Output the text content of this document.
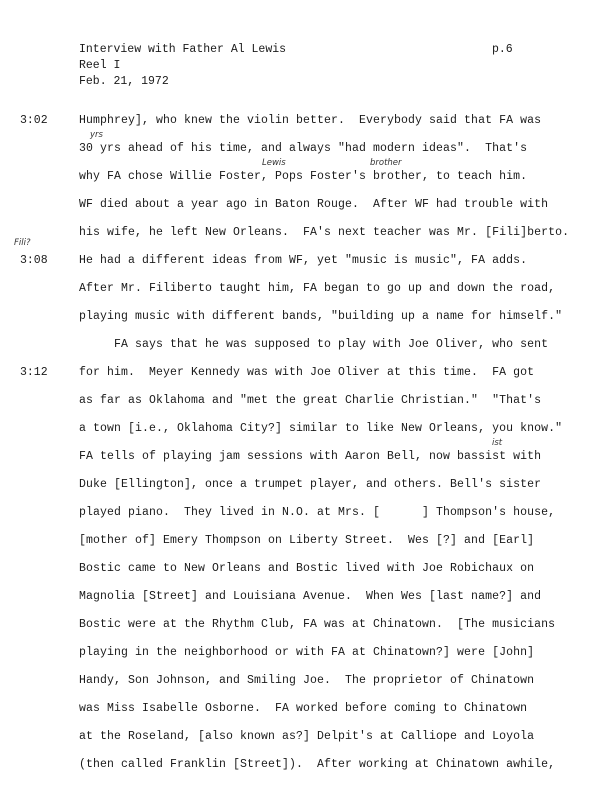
Interview with Father Al Lewis	p.6
Reel I
Feb. 21, 1972
3:02
3:08
3:12
Humphrey], who knew the violin better.  Everybody said that FA was
30 yrs ahead of his time, and always "had modern ideas".  That's
why FA chose Willie Foster, Pops Foster's brother, to teach him.
WF died about a year ago in Baton Rouge.  After WF had trouble with
his wife, he left New Orleans.  FA's next teacher was Mr. [Fili]berto.
He had a different ideas from WF, yet "music is music", FA adds.
After Mr. Filiberto taught him, FA began to go up and down the road,
playing music with different bands, "building up a name for himself."
FA says that he was supposed to play with Joe Oliver, who sent
for him.  Meyer Kennedy was with Joe Oliver at this time.  FA got
as far as Oklahoma and "met the great Charlie Christian."  "That's
a town [i.e., Oklahoma City?] similar to like New Orleans, you know."
FA tells of playing jam sessions with Aaron Bell, now bassist with
Duke [Ellington], once a trumpet player, and others. Bell's sister
played piano.  They lived in N.O. at Mrs. [      ] Thompson's house,
[mother of] Emery Thompson on Liberty Street.  Wes [?] and [Earl]
Bostic came to New Orleans and Bostic lived with Joe Robichaux on
Magnolia [Street] and Louisiana Avenue.  When Wes [last name?] and
Bostic were at the Rhythm Club, FA was at Chinatown.  [The musicians
playing in the neighborhood or with FA at Chinatown?] were [John]
Handy, Son Johnson, and Smiling Joe.  The proprietor of Chinatown
was Miss Isabelle Osborne.  FA worked before coming to Chinatown
at the Roseland, [also known as?] Delpit's at Calliope and Loyola
(then called Franklin [Street]).  After working at Chinatown awhile,
yrs
Lewis	brother
Fili?
ist
